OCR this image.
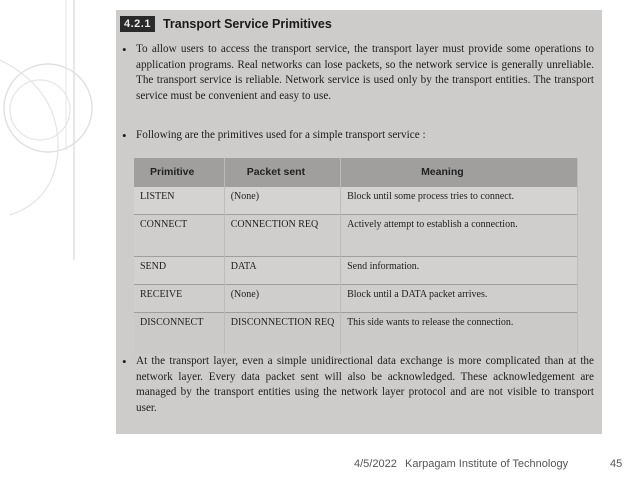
4.2.1 Transport Service Primitives
• To allow users to access the transport service, the transport layer must provide some operations to application programs. Real networks can lose packets, so the network service is generally unreliable. The transport service is reliable. Network service is used only by the transport entities. The transport service must be convenient and easy to use.
• Following are the primitives used for a simple transport service :
Primitive	Packet sent	Meaning
LISTEN	(None)	Block until some process tries to connect.
CONNECT	CONNECTION REQ	Actively attempt to establish a connection.
SEND	DATA	Send information.
RECEIVE	(None)	Block until a DATA packet arrives.
DISCONNECT	DISCONNECTION REQ	This side wants to release the connection.
• At the transport layer, even a simple unidirectional data exchange is more complicated than at the network layer. Every data packet sent will also be acknowledged. These acknowledgement are managed by the transport entities using the network layer protocol and are not visible to transport user.
4/5/2022 Karpagam Institute of Technology	45
